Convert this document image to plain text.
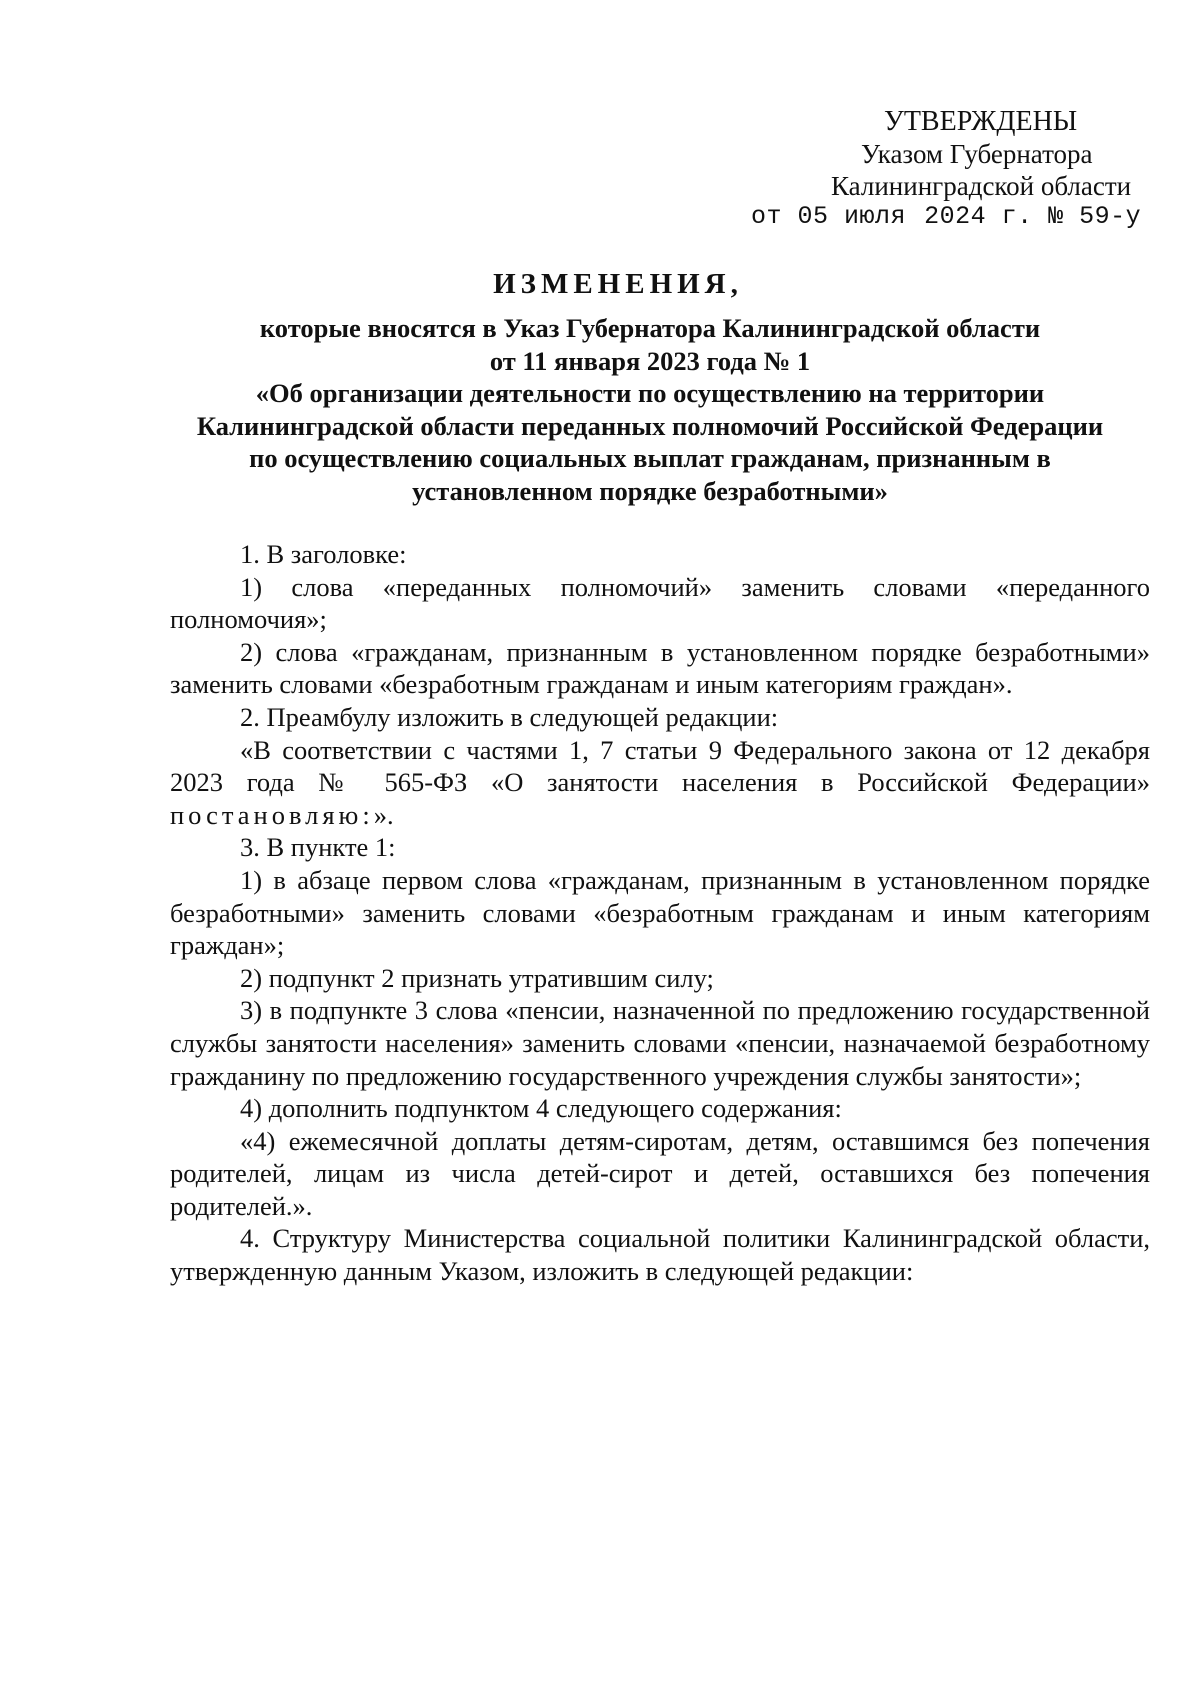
УТВЕРЖДЕНЫ
Указом Губернатора
Калининградской области
от 05 июля 2024 г. № 59-у
ИЗМЕНЕНИЯ,
которые вносятся в Указ Губернатора Калининградской области
от 11 января 2023 года № 1
«Об организации деятельности по осуществлению на территории
Калининградской области переданных полномочий Российской Федерации
по осуществлению социальных выплат гражданам, признанным в
установленном порядке безработными»

1. В заголовке:

1) слова «переданных полномочий» заменить словами «переданного полномочия»;

2) слова «гражданам, признанным в установленном порядке безработными» заменить словами «безработным гражданам и иным категориям граждан».

2. Преамбулу изложить в следующей редакции:

«В соответствии с частями 1, 7 статьи 9 Федерального закона от 12 декабря 2023 года № 565-ФЗ «О занятости населения в Российской Федерации» постановляю:».

3. В пункте 1:

1) в абзаце первом слова «гражданам, признанным в установленном порядке безработными» заменить словами «безработным гражданам и иным категориям граждан»;

2) подпункт 2 признать утратившим силу;

3) в подпункте 3 слова «пенсии, назначенной по предложению государственной службы занятости населения» заменить словами «пенсии, назначаемой безработному гражданину по предложению государственного учреждения службы занятости»;

4) дополнить подпунктом 4 следующего содержания:

«4) ежемесячной доплаты детям-сиротам, детям, оставшимся без попечения родителей, лицам из числа детей-сирот и детей, оставшихся без попечения родителей.».

4. Структуру Министерства социальной политики Калининградской области, утвержденную данным Указом, изложить в следующей редакции:
